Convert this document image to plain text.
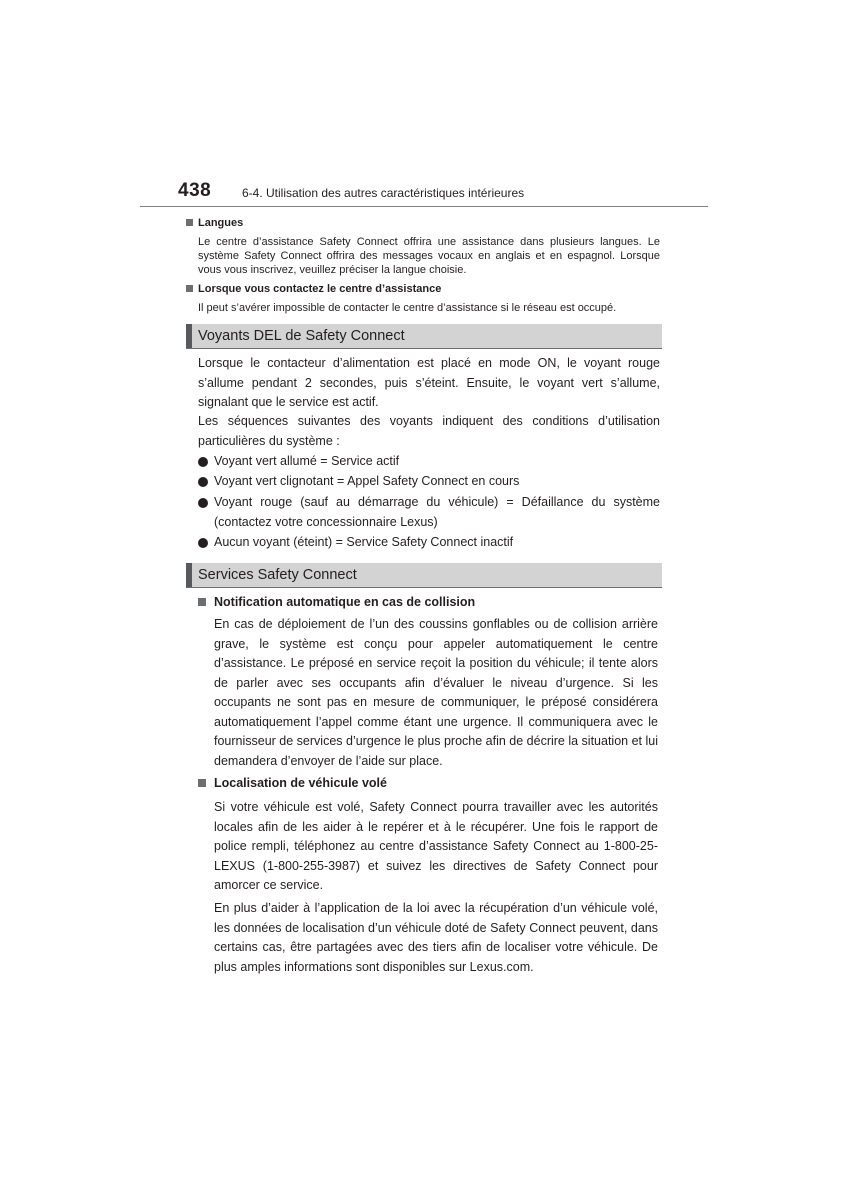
438	6-4. Utilisation des autres caractéristiques intérieures
Langues
Le centre d’assistance Safety Connect offrira une assistance dans plusieurs langues. Le système Safety Connect offrira des messages vocaux en anglais et en espagnol. Lorsque vous vous inscrivez, veuillez préciser la langue choisie.
Lorsque vous contactez le centre d’assistance
Il peut s’avérer impossible de contacter le centre d’assistance si le réseau est occupé.
Voyants DEL de Safety Connect
Lorsque le contacteur d’alimentation est placé en mode ON, le voyant rouge s’allume pendant 2 secondes, puis s’éteint. Ensuite, le voyant vert s’allume, signalant que le service est actif.
Les séquences suivantes des voyants indiquent des conditions d’utilisation particulières du système :
Voyant vert allumé = Service actif
Voyant vert clignotant = Appel Safety Connect en cours
Voyant rouge (sauf au démarrage du véhicule) = Défaillance du système (contactez votre concessionnaire Lexus)
Aucun voyant (éteint) = Service Safety Connect inactif
Services Safety Connect
Notification automatique en cas de collision
En cas de déploiement de l’un des coussins gonflables ou de collision arrière grave, le système est conçu pour appeler automatiquement le centre d’assistance. Le préposé en service reçoit la position du véhicule; il tente alors de parler avec ses occupants afin d’évaluer le niveau d’urgence. Si les occupants ne sont pas en mesure de communiquer, le préposé considérera automatiquement l’appel comme étant une urgence. Il communiquera avec le fournisseur de services d’urgence le plus proche afin de décrire la situation et lui demandera d’envoyer de l’aide sur place.
Localisation de véhicule volé
Si votre véhicule est volé, Safety Connect pourra travailler avec les autorités locales afin de les aider à le repérer et à le récupérer. Une fois le rapport de police rempli, téléphonez au centre d’assistance Safety Connect au 1-800-25-LEXUS (1-800-255-3987) et suivez les directives de Safety Connect pour amorcer ce service.
En plus d’aider à l’application de la loi avec la récupération d’un véhicule volé, les données de localisation d’un véhicule doté de Safety Connect peuvent, dans certains cas, être partagées avec des tiers afin de localiser votre véhicule. De plus amples informations sont disponibles sur Lexus.com.
